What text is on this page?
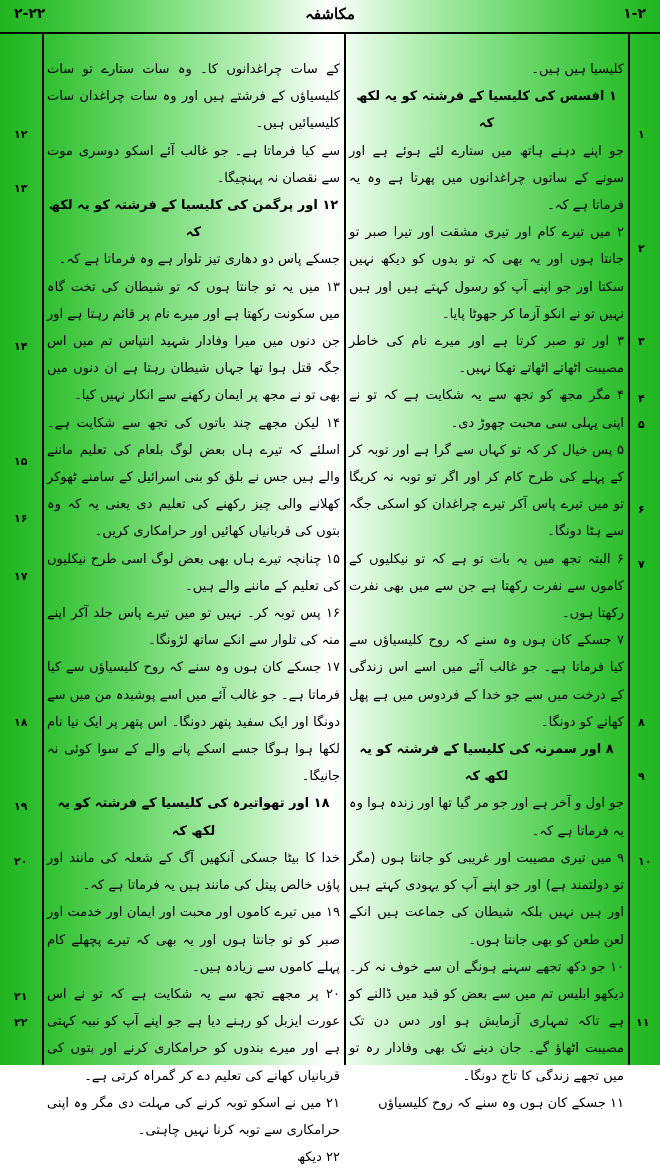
۲-۲۲	مکاشفہ	۱-۲

کلیسیا ہیں ہیں۔

۱ افسس کی کلیسیا کے فرشتہ کو یہ لکھ کہ

جو اپنے دہنے ہاتھ میں ستارے لئے ہوئے ہے اور سونے کے ساتوں چراغدانوں میں پھرتا ہے وہ یہ فرماتا ہے کہ۔

۲ میں تیرے کام اور تیری مشقت اور تیرا صبر تو جانتا ہوں اور یہ بھی کہ تو بدوں کو دیکھ نہیں سکتا اور جو اپنے آپ کو رسول کہتے ہیں اور ہیں نہیں تو نے انکو آزما کر جھوٹا پایا۔

۳ اور تو صبر کرتا ہے اور میرے نام کی خاطر مصیبت اٹھاتے اٹھاتے تھکا نہیں۔

۴ مگر مجھ کو تجھ سے یہ شکایت ہے کہ تو نے اپنی پہلی سی محبت چھوڑ دی۔

۵ پس خیال کر کہ تو کہاں سے گرا ہے اور توبہ کر کے پہلے کی طرح کام کر اور اگر تو توبہ نہ کریگا تو میں تیرے پاس آکر تیرے چراغدان کو اسکی جگہ سے ہٹا دونگا۔

۶ البتہ تجھ میں یہ بات تو ہے کہ تو نیکلیوں کے کاموں سے نفرت رکھتا ہے جن سے میں بھی نفرت رکھتا ہوں۔

۷ جسکے کان ہوں وہ سنے کہ روح کلیسیاؤں سے کیا فرماتا ہے۔ جو غالب آئے میں اسے اس زندگی کے درخت میں سے جو خدا کے فردوس میں ہے پھل کھانے کو دونگا۔

۸ اور سمرنہ کی کلیسیا کے فرشتہ کو یہ لکھ کہ

جو اول و آخر ہے اور جو مر گیا تھا اور زندہ ہوا وہ یہ فرماتا ہے کہ۔

۹ میں تیری مصیبت اور غریبی کو جانتا ہوں (مگر تو دولتمند ہے) اور جو اپنے آپ کو یہودی کہتے ہیں اور ہیں نہیں بلکہ شیطان کی جماعت ہیں انکے لعن طعن کو بھی جانتا ہوں۔

۱۰ جو دکھ تجھے سہنے ہونگے ان سے خوف نہ کر۔ دیکھو ابلیس تم میں سے بعض کو قید میں ڈالنے کو ہے تاکہ تمہاری آزمایش ہو اور دس دن تک مصیبت اٹھاؤ گے۔ جان دینے تک بھی وفادار رہ تو میں تجھے زندگی کا تاج دونگا۔

۱۱ جسکے کان ہوں وہ سنے کہ روح کلیسیاؤں

کے سات چراغدانوں کا۔ وہ سات ستارے تو سات کلیسیاؤں کے فرشتے ہیں اور وہ سات چراغدان سات کلیسیائیں ہیں۔

سے کیا فرماتا ہے۔ جو غالب آئے اسکو دوسری موت سے نقصان نہ پہنچیگا۔

۱۲ اور پرگمن کی کلیسیا کے فرشتہ کو یہ لکھ کہ

جسکے پاس دو دھاری تیز تلوار ہے وہ فرماتا ہے کہ۔

۱۳ میں یہ تو جانتا ہوں کہ تو شیطان کی تخت گاہ میں سکونت رکھتا ہے اور میرے نام پر قائم رہتا ہے اور جن دنوں میں میرا وفادار شہید انتپاس تم میں اس جگہ قتل ہوا تھا جہاں شیطان رہتا ہے ان دنوں میں بھی تو نے مجھ پر ایمان رکھنے سے انکار نہیں کیا۔

۱۴ لیکن مجھے چند باتوں کی تجھ سے شکایت ہے۔ اسلئے کہ تیرے ہاں بعض لوگ بلعام کی تعلیم ماننے والے ہیں جس نے بلق کو بنی اسرائیل کے سامنے ٹھوکر کھلانے والی چیز رکھنے کی تعلیم دی یعنی یہ کہ وہ بتوں کی قربانیاں کھائیں اور حرامکاری کریں۔

۱۵ چنانچہ تیرے ہاں بھی بعض لوگ اسی طرح نیکلیوں کی تعلیم کے ماننے والے ہیں۔

۱۶ پس توبہ کر۔ نہیں تو میں تیرے پاس جلد آکر اپنے منہ کی تلوار سے انکے ساتھ لڑونگا۔

۱۷ جسکے کان ہوں وہ سنے کہ روح کلیسیاؤں سے کیا فرماتا ہے۔ جو غالب آئے میں اسے پوشیدہ من میں سے دونگا اور ایک سفید پتھر دونگا۔ اس پتھر پر ایک نیا نام لکھا ہوا ہوگا جسے اسکے پانے والے کے سوا کوئی نہ جانیگا۔

۱۸ اور تھواتیرہ کی کلیسیا کے فرشتہ کو یہ لکھ کہ

خدا کا بیٹا جسکی آنکھیں آگ کے شعلہ کی مانند اور پاؤں خالص پیتل کی مانند ہیں یہ فرماتا ہے کہ۔

۱۹ میں تیرے کاموں اور محبت اور ایمان اور خدمت اور صبر کو تو جانتا ہوں اور یہ بھی کہ تیرے پچھلے کام پہلے کاموں سے زیادہ ہیں۔

۲۰ پر مجھے تجھ سے یہ شکایت ہے کہ تو نے اس عورت ایزبل کو رہنے دیا ہے جو اپنے آپ کو نبیہ کہتی ہے اور میرے بندوں کو حرامکاری کرنے اور بتوں کی قربانیاں کھانے کی تعلیم دے کر گمراہ کرتی ہے۔

۲۱ میں نے اسکو توبہ کرنے کی مہلت دی مگر وہ اپنی حرامکاری سے توبہ کرنا نہیں چاہتی۔

۲۲ دیکھ

۱۲
۱۳
۱۴
۱۵
۱۶
۱۷
۱۸
۱۹
۲۰
۲۱
۲۲
۱
۲
۳
۴
۵
۶
۷
۸
۹
۱۰
۱۱
